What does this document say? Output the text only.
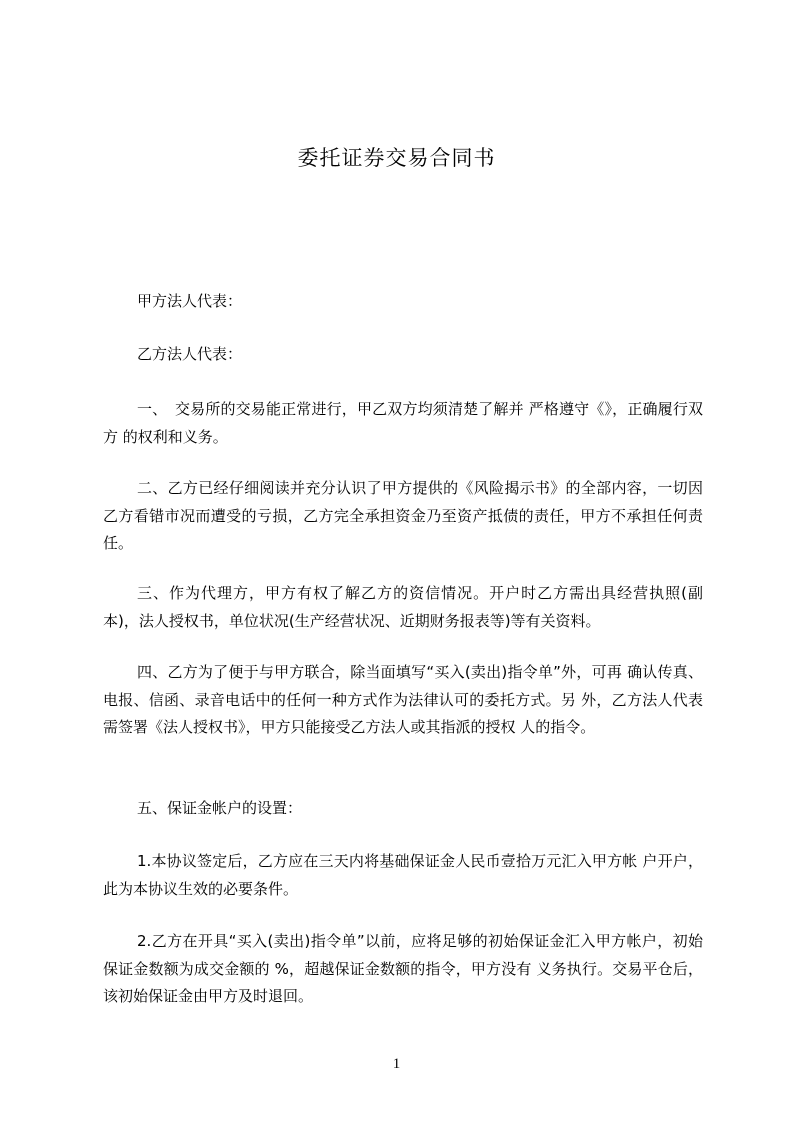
委托证券交易合同书
甲方法人代表：
乙方法人代表：
一、　交易所的交易能正常进行，甲乙双方均须清楚了解并 严格遵守《》，正确履行双方 的权利和义务。
二、乙方已经仔细阅读并充分认识了甲方提供的《风险揭示书》的全部内容，一切因乙方看错市况而遭受的亏损，乙方完全承担资金乃至资产抵债的责任，甲方不承担任何责任。
三、作为代理方，甲方有权了解乙方的资信情况。开户时乙方需出具经营执照(副本)，法人授权书，单位状况(生产经营状况、近期财务报表等)等有关资料。
四、乙方为了便于与甲方联合，除当面填写“买入(卖出)指令单”外，可再 确认传真、电报、信函、录音电话中的任何一种方式作为法律认可的委托方式。另 外，乙方法人代表需签署《法人授权书》，甲方只能接受乙方法人或其指派的授权 人的指令。
五、保证金帐户的设置：
1.本协议签定后，乙方应在三天内将基础保证金人民币壹拾万元汇入甲方帐 户开户，此为本协议生效的必要条件。
2.乙方在开具“买入(卖出)指令单”以前，应将足够的初始保证金汇入甲方帐户，初始保证金数额为成交金额的 %，超越保证金数额的指令，甲方没有 义务执行。交易平仓后，该初始保证金由甲方及时退回。
1
